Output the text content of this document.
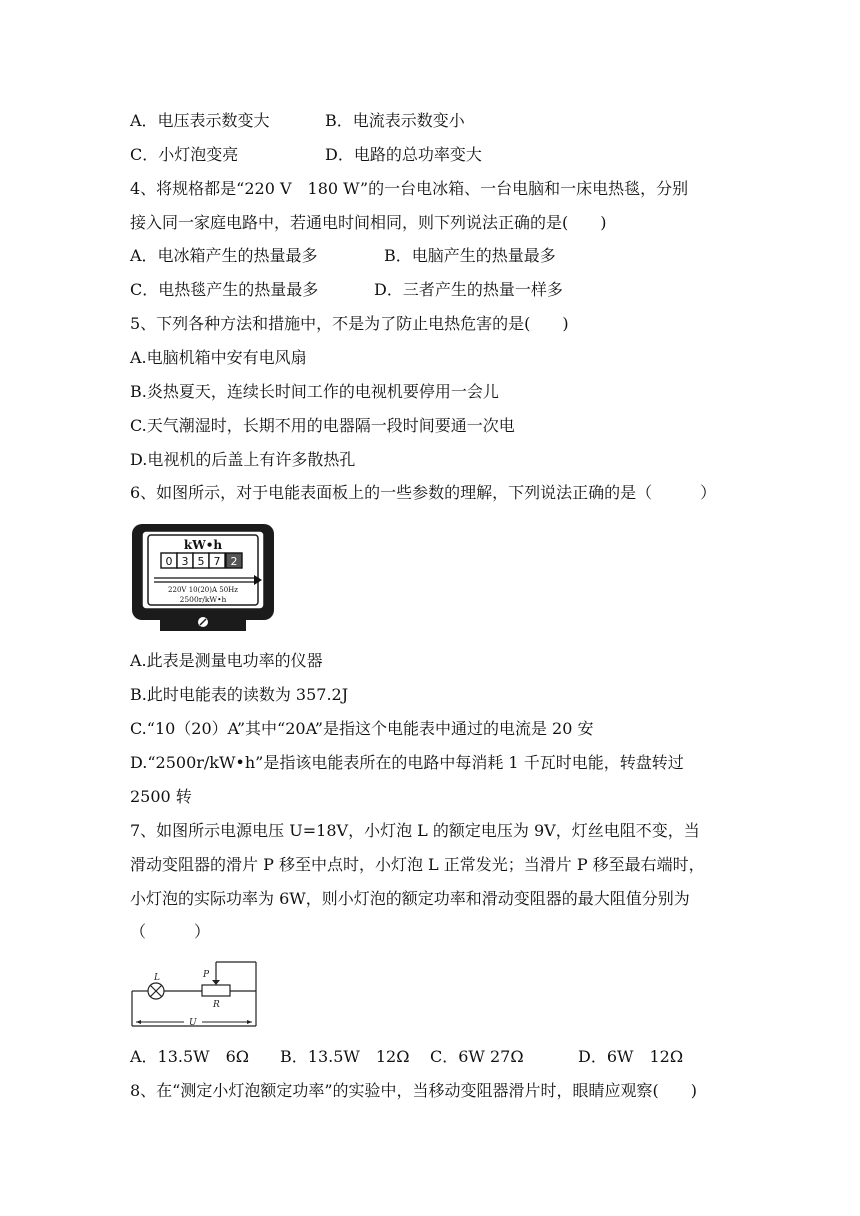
A．电压表示数变大	B．电流表示数变小
C．小灯泡变亮	D．电路的总功率变大
4、将规格都是“220 V　180 W”的一台电冰箱、一台电脑和一床电热毯，分别
接入同一家庭电路中，若通电时间相同，则下列说法正确的是(　　)
A．电冰箱产生的热量最多	B．电脑产生的热量最多
C．电热毯产生的热量最多	D．三者产生的热量一样多
5、下列各种方法和措施中，不是为了防止电热危害的是(　　)
A.电脑机箱中安有电风扇
B.炎热夏天，连续长时间工作的电视机要停用一会儿
C.天气潮湿时，长期不用的电器隔一段时间要通一次电
D.电视机的后盖上有许多散热孔
6、如图所示，对于电能表面板上的一些参数的理解，下列说法正确的是（　　　）
kW•h
0 3 5 7 2
220V 10(20)A 50Hz
2500r/kW•h
A.此表是测量电功率的仪器
B.此时电能表的读数为 357.2J
C.“10（20）A”其中“20A”是指这个电能表中通过的电流是 20 安
D.“2500r/kW•h”是指该电能表所在的电路中每消耗 1 千瓦时电能，转盘转过
2500 转
7、如图所示电源电压 U=18V，小灯泡 L 的额定电压为 9V，灯丝电阻不变，当
滑动变阻器的滑片 P 移至中点时，小灯泡 L 正常发光；当滑片 P 移至最右端时，
小灯泡的实际功率为 6W，则小灯泡的额定功率和滑动变阻器的最大阻值分别为
（　　　）
L	P
R
U
A．13.5W　6Ω B．13.5W　12Ω C．6W 27Ω	D．6W　12Ω
8、在“测定小灯泡额定功率”的实验中，当移动变阻器滑片时，眼睛应观察(　　)
